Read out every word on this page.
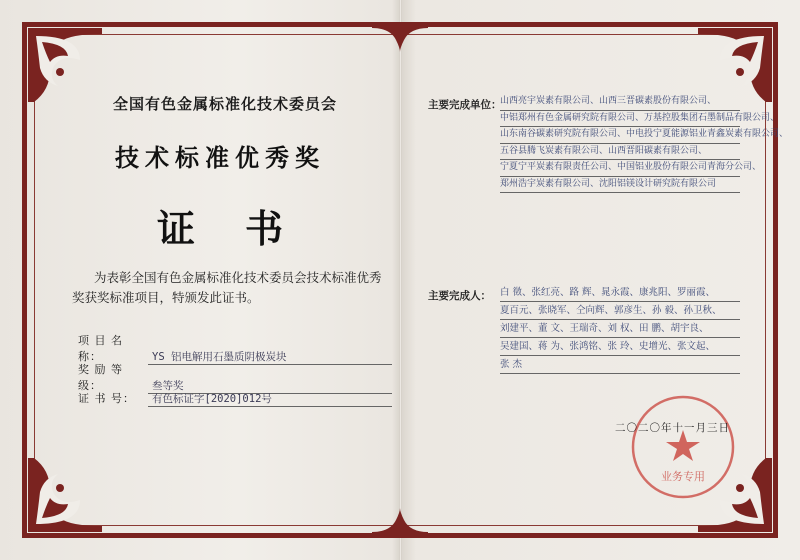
全国有色金属标准化技术委员会
技术标准优秀奖
证书
为表彰全国有色金属标准化技术委员会技术标准优秀奖获奖标准项目，特颁发此证书。
项 目 名 称：	YS 铝电解用石墨质阴极炭块
奖 励 等 级：	叁等奖
证 书 号： 有色标证字[2020]012号
主要完成单位：
山西亮宇炭素有限公司、山西三晋碳素股份有限公司、
中铝郑州有色金属研究院有限公司、万基控股集团石墨制品有限公司、
山东南谷碳素研究院有限公司、中电投宁夏能源铝业青鑫炭素有限公司、
五谷县腾飞炭素有限公司、山西晋阳碳素有限公司、
宁夏宁平炭素有限责任公司、中国铝业股份有限公司青海分公司、
郑州浩宇炭素有限公司、沈阳铝镁设计研究院有限公司
主要完成人： 白 徵、张红亮、路 辉、晁永霞、康兆阳、罗丽霞、
夏百元、张晓军、仝向辉、郭彦生、孙 毅、孙卫秋、
刘建平、董 文、王瑞奇、刘 权、田 鹏、胡宇良、
吴建国、蒋 为、张鸿铭、张 玲、史增光、张文起、
张 杰
业务专用
二〇二〇年十一月三日
